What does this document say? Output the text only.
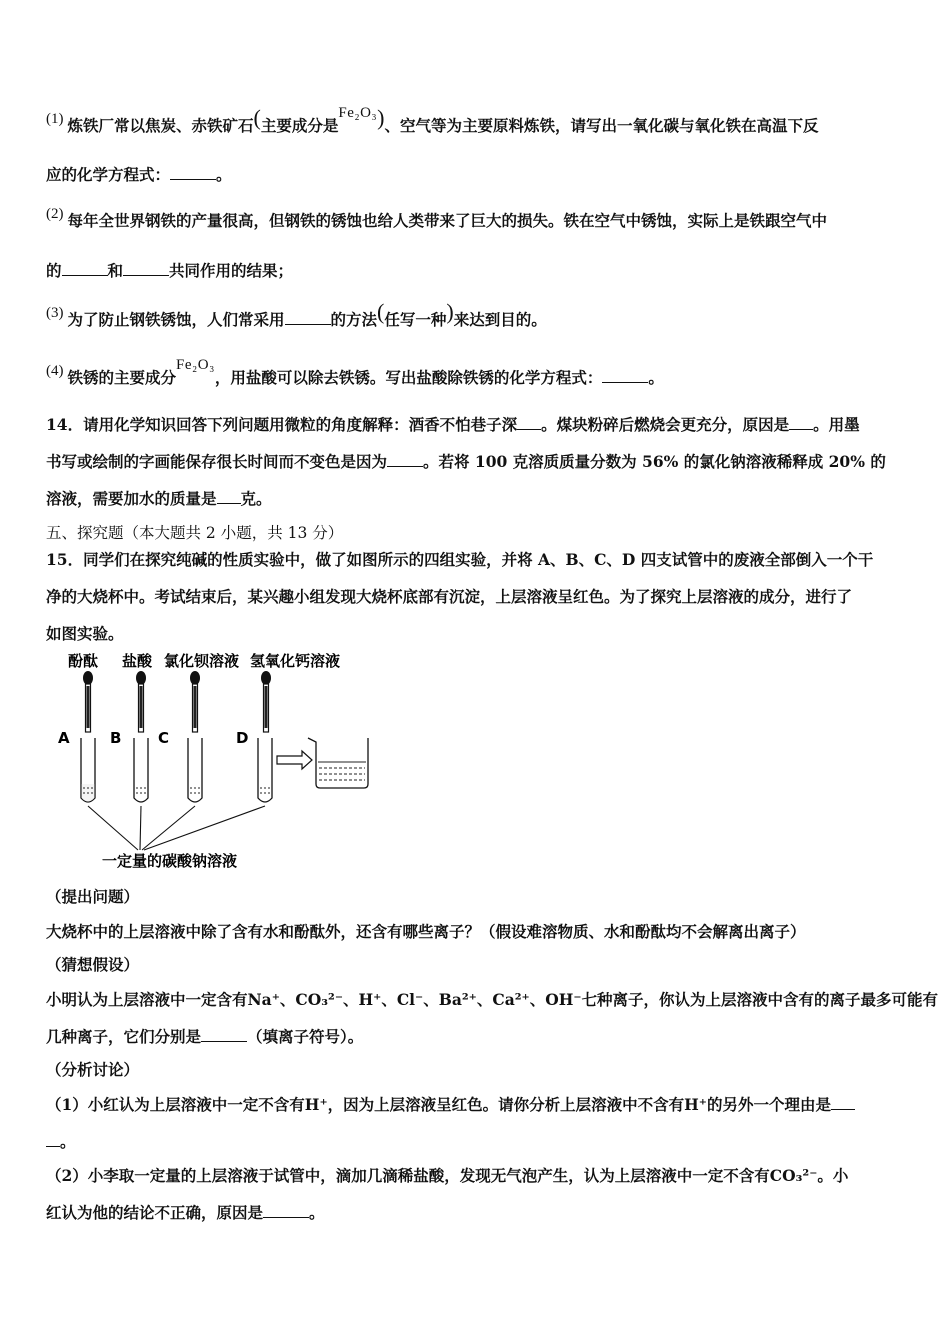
(1) 炼铁厂常以焦炭、赤铁矿石(主要成分是Fe₂O₃)、空气等为主要原料炼铁，请写出一氧化碳与氧化铁在高温下反
应的化学方程式：	。
(2) 每年全世界钢铁的产量很高，但钢铁的锈蚀也给人类带来了巨大的损失。铁在空气中锈蚀，实际上是铁跟空气中
的	和	共同作用的结果；
(3) 为了防止钢铁锈蚀，人们常采用	的方法(任写一种)来达到目的。
(4) 铁锈的主要成分Fe₂O₃，用盐酸可以除去铁锈。写出盐酸除铁锈的化学方程式：	。
14．请用化学知识回答下列问题用微粒的角度解释：酒香不怕巷子深 。煤块粉碎后燃烧会更充分，原因是 。用墨
书写或绘制的字画能保存很长时间而不变色是因为 。若将 100 克溶质质量分数为 56% 的氯化钠溶液稀释成 20% 的
溶液，需要加水的质量是 克。
五、探究题（本大题共 2 小题，共 13 分）
15．同学们在探究纯碱的性质实验中，做了如图所示的四组实验，并将 A、B、C、D 四支试管中的废液全部倒入一个干
净的大烧杯中。考试结束后，某兴趣小组发现大烧杯底部有沉淀，上层溶液呈红色。为了探究上层溶液的成分，进行了
如图实验。
酚酞 盐酸 氯化钡溶液 氢氧化钙溶液
A	B C	D
一定量的碳酸钠溶液
（提出问题）
大烧杯中的上层溶液中除了含有水和酚酞外，还含有哪些离子？（假设难溶物质、水和酚酞均不会解离出离子）
（猜想假设）
小明认为上层溶液中一定含有Na⁺、CO₃²⁻、H⁺、Cl⁻、Ba²⁺、Ca²⁺、OH⁻七种离子，你认为上层溶液中含有的离子最多可能有
几种离子，它们分别是	（填离子符号）。
（分析讨论）
（1）小红认为上层溶液中一定不含有H⁺，因为上层溶液呈红色。请你分析上层溶液中不含有H⁺的另外一个理由是
。
（2）小李取一定量的上层溶液于试管中，滴加几滴稀盐酸，发现无气泡产生，认为上层溶液中一定不含有CO₃²⁻。小
红认为他的结论不正确，原因是	。
